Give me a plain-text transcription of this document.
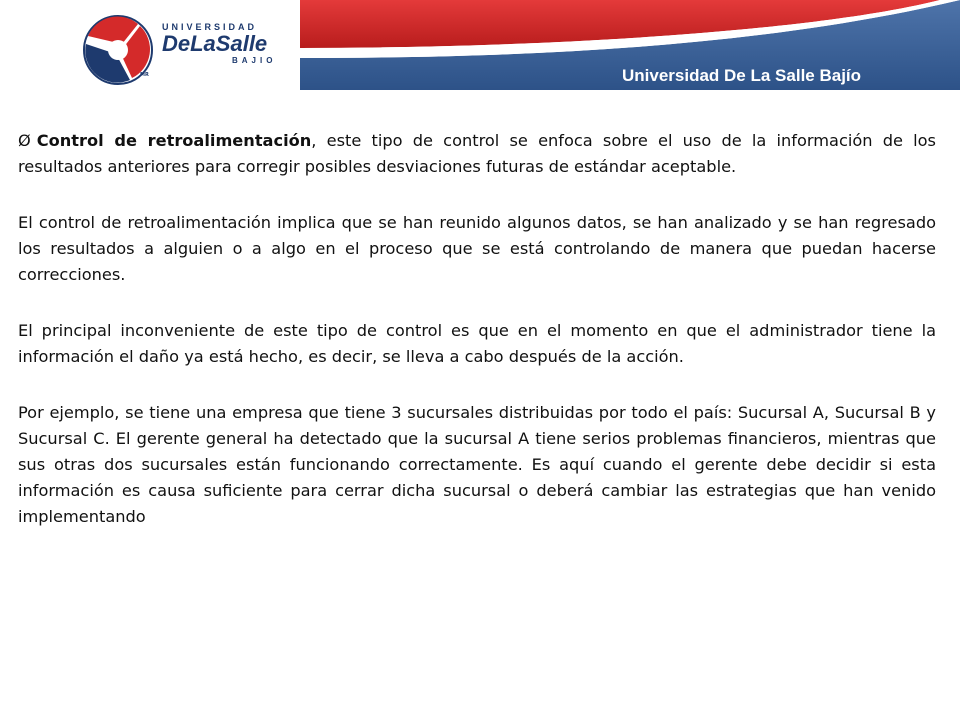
UNIVERSIDAD
DeLaSalle
BAJIO
MR	Universidad De La Salle Bajío

Ø Control de retroalimentación, este tipo de control se enfoca sobre el uso de la información de los resultados anteriores para corregir posibles desviaciones futuras de estándar aceptable.

El control de retroalimentación implica que se han reunido algunos datos, se han analizado y se han regresado los resultados a alguien o a algo en el proceso que se está controlando de manera que puedan hacerse correcciones.

El principal inconveniente de este tipo de control es que en el momento en que el administrador tiene la información el daño ya está hecho, es decir, se lleva a cabo después de la acción.

Por ejemplo, se tiene una empresa que tiene 3 sucursales distribuidas por todo el país: Sucursal A, Sucursal B y Sucursal C. El gerente general ha detectado que la sucursal A tiene serios problemas financieros, mientras que sus otras dos sucursales están funcionando correctamente. Es aquí cuando el gerente debe decidir si esta información es causa suficiente para cerrar dicha sucursal o deberá cambiar las estrategias que han venido implementando
